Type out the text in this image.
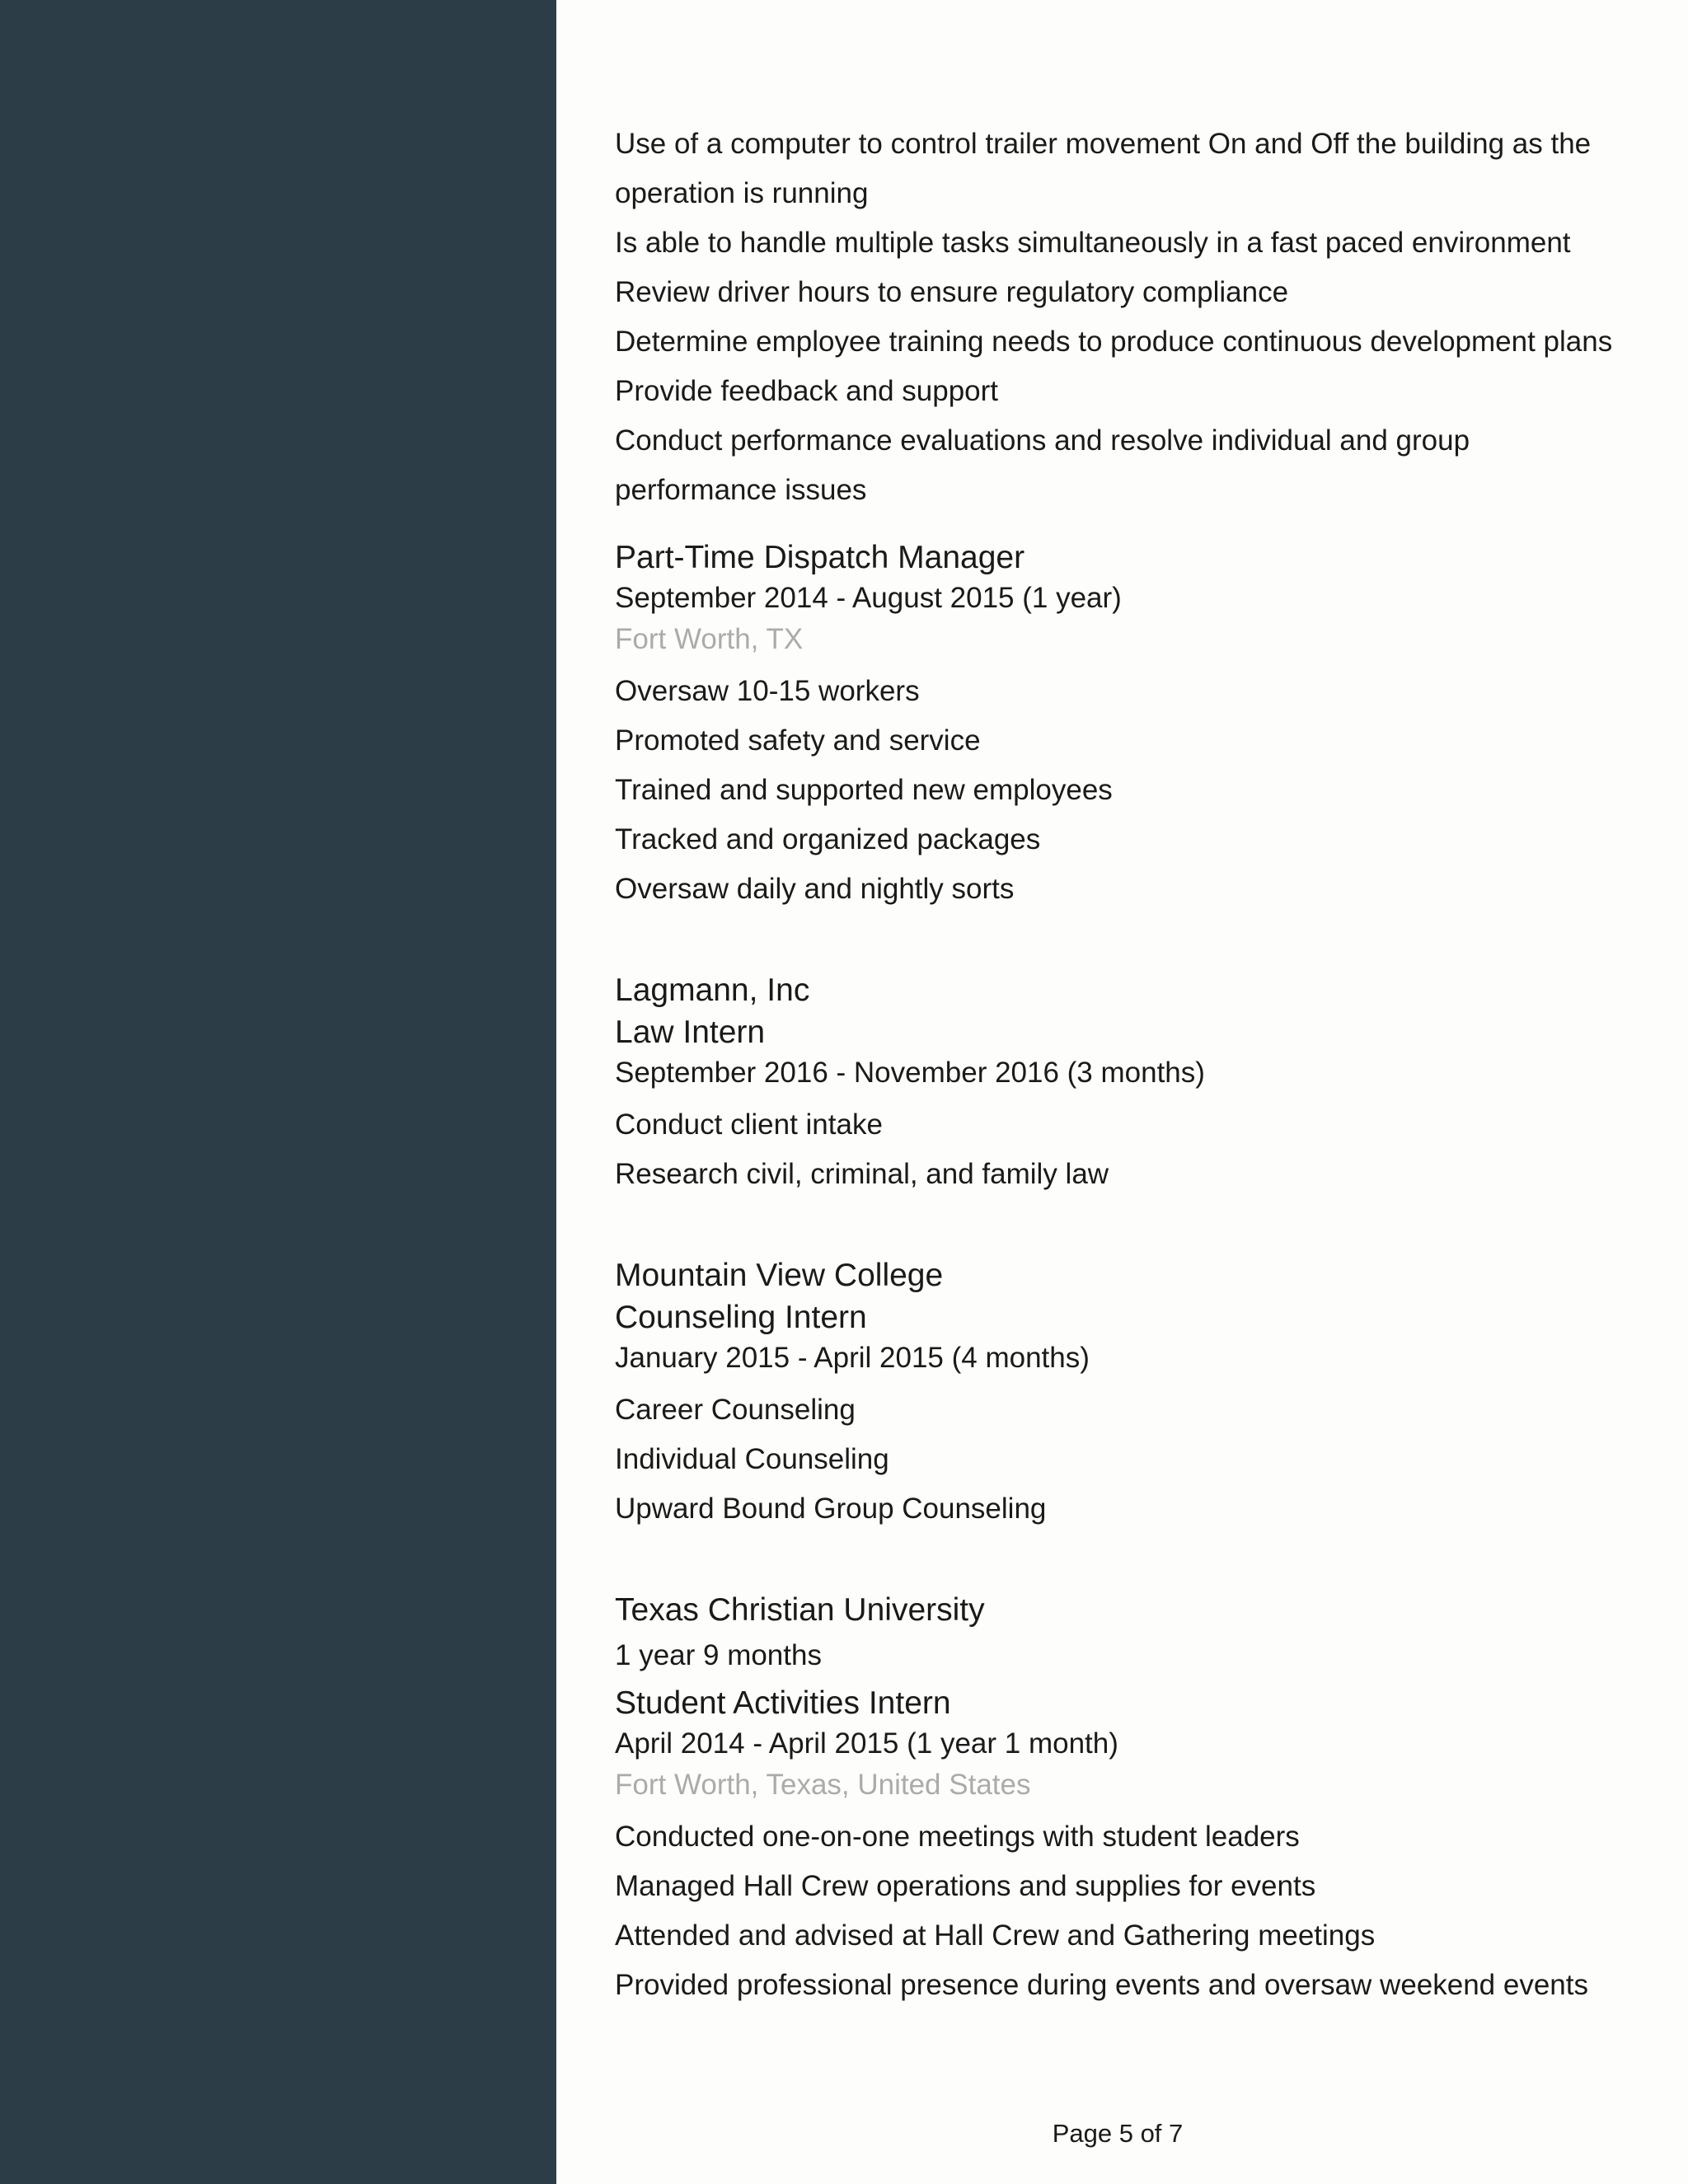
Use of a computer to control trailer movement On and Off the building as the
operation is running
Is able to handle multiple tasks simultaneously in a fast paced environment
Review driver hours to ensure regulatory compliance
Determine employee training needs to produce continuous development plans
Provide feedback and support
Conduct performance evaluations and resolve individual and group
performance issues
Part-Time Dispatch Manager
September 2014 - August 2015 (1 year)
Fort Worth, TX
Oversaw 10-15 workers
Promoted safety and service
Trained and supported new employees
Tracked and organized packages
Oversaw daily and nightly sorts
Lagmann, Inc
Law Intern
September 2016 - November 2016 (3 months)
Conduct client intake
Research civil, criminal, and family law
Mountain View College
Counseling Intern
January 2015 - April 2015 (4 months)
Career Counseling
Individual Counseling
Upward Bound Group Counseling
Texas Christian University
1 year 9 months
Student Activities Intern
April 2014 - April 2015 (1 year 1 month)
Fort Worth, Texas, United States
Conducted one-on-one meetings with student leaders
Managed Hall Crew operations and supplies for events
Attended and advised at Hall Crew and Gathering meetings
Provided professional presence during events and oversaw weekend events
Page 5 of 7
